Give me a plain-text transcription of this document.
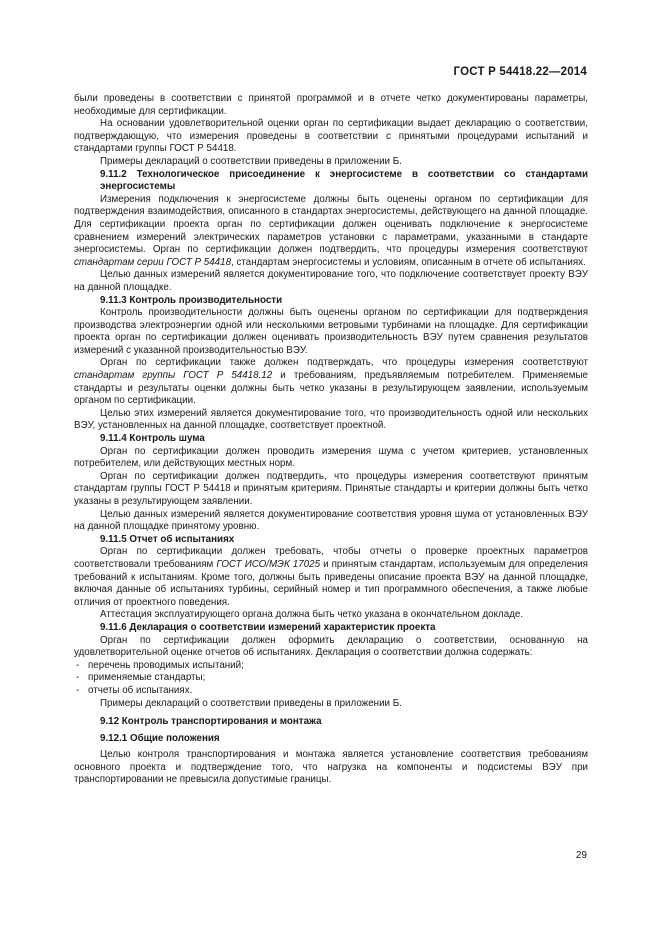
ГОСТ Р 54418.22—2014

были проведены в соответствии с принятой программой и в отчете четко документированы параметры, необходимые для сертификации.

На основании удовлетворительной оценки орган по сертификации выдает декларацию о соответствии, подтверждающую, что измерения проведены в соответствии с принятыми процедурами испытаний и стандартами группы ГОСТ Р 54418.

Примеры деклараций о соответствии приведены в приложении Б.

9.11.2 Технологическое присоединение к энергосистеме в соответствии со стандартами энергосистемы

Измерения подключения к энергосистеме должны быть оценены органом по сертификации для подтверждения взаимодействия, описанного в стандартах энергосистемы, действующего на данной площадке. Для сертификации проекта орган по сертификации должен оценивать подключение к энергосистеме сравнением измерений электрических параметров установки с параметрами, указанными в стандарте энергосистемы. Орган по сертификации должен подтвердить, что процедуры измерения соответствуют стандартам серии ГОСТ Р 54418, стандартам энергосистемы и условиям, описанным в отчете об испытаниях.

Целью данных измерений является документирование того, что подключение соответствует проекту ВЭУ на данной площадке.

9.11.3 Контроль производительности

Контроль производительности должны быть оценены органом по сертификации для подтверждения производства электроэнергии одной или несколькими ветровыми турбинами на площадке. Для сертификации проекта орган по сертификации должен оценивать производительность ВЭУ путем сравнения результатов измерений с указанной производительностью ВЭУ.

Орган по сертификации также должен подтверждать, что процедуры измерения соответствуют стандартам группы ГОСТ Р 54418.12 и требованиям, предъявляемым потребителем. Применяемые стандарты и результаты оценки должны быть четко указаны в результирующем заявлении, используемым органом по сертификации.

Целью этих измерений является документирование того, что производительность одной или нескольких ВЭУ, установленных на данной площадке, соответствует проектной.

9.11.4 Контроль шума

Орган по сертификации должен проводить измерения шума с учетом критериев, установленных потребителем, или действующих местных норм.

Орган по сертификации должен подтвердить, что процедуры измерения соответствуют принятым стандартам группы ГОСТ Р 54418 и принятым критериям. Принятые стандарты и критерии должны быть четко указаны в результирующем заявлении.

Целью данных измерений является документирование соответствия уровня шума от установленных ВЭУ на данной площадке принятому уровню.

9.11.5 Отчет об испытаниях

Орган по сертификации должен требовать, чтобы отчеты о проверке проектных параметров соответствовали требованиям ГОСТ ИСО/МЭК 17025 и принятым стандартам, используемым для определения требований к испытаниям. Кроме того, должны быть приведены описание проекта ВЭУ на данной площадке, включая данные об испытаниях турбины, серийный номер и тип программного обеспечения, а также любые отличия от проектного поведения.

Аттестация эксплуатирующего органа должна быть четко указана в окончательном докладе.

9.11.6 Декларация о соответствии измерений характеристик проекта

Орган по сертификации должен оформить декларацию о соответствии, основанную на удовлетворительной оценке отчетов об испытаниях. Декларация о соответствии должна содержать:

- перечень проводимых испытаний;
- применяемые стандарты;
- отчеты об испытаниях.

Примеры деклараций о соответствии приведены в приложении Б.

9.12 Контроль транспортирования и монтажа
9.12.1 Общие положения

Целью контроля транспортирования и монтажа является установление соответствия требованиям основного проекта и подтверждение того, что нагрузка на компоненты и подсистемы ВЭУ при транспортировании не превысила допустимые границы.

29
